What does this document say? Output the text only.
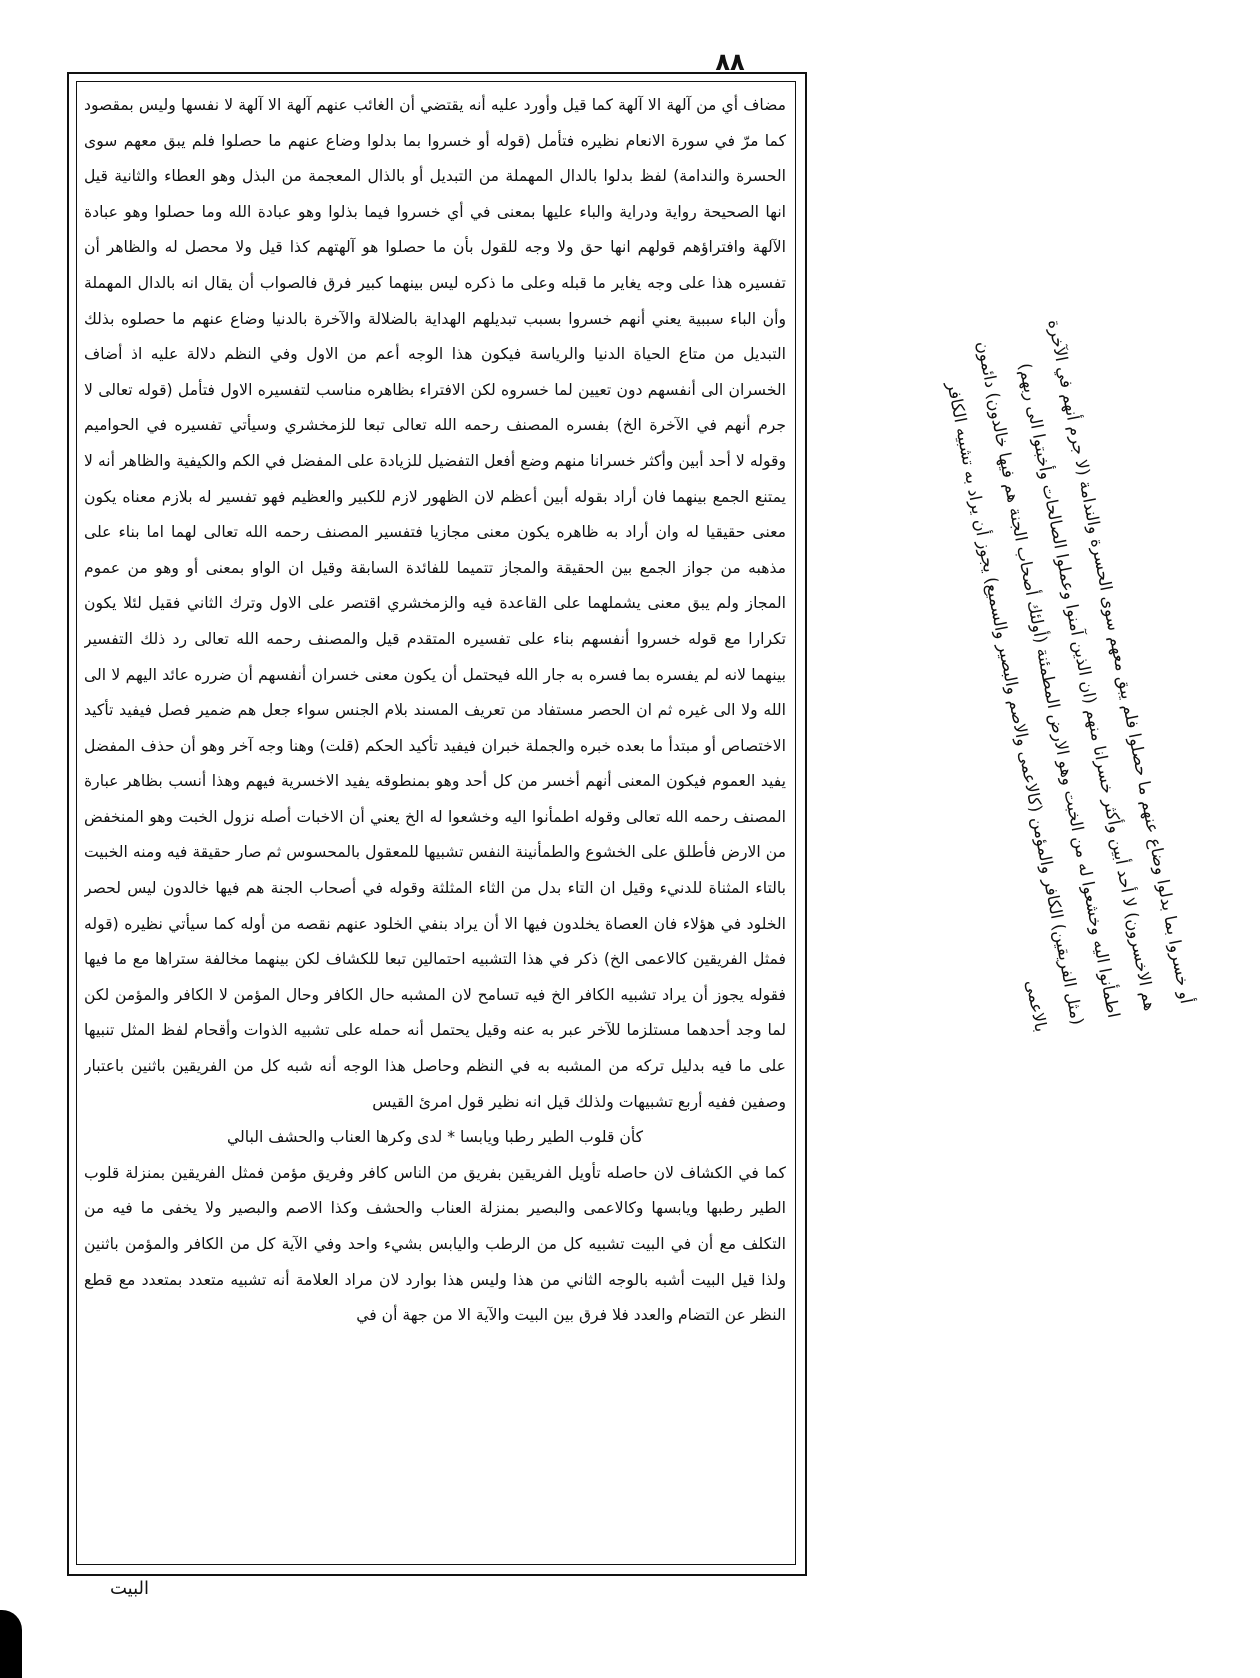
٨٨

مضاف أي من آلهة الا آلهة كما قيل وأورد عليه أنه يقتضي أن الغائب عنهم آلهة الا آلهة لا نفسها وليس بمقصود كما مرّ في سورة الانعام نظيره فتأمل (قوله أو خسروا بما بدلوا وضاع عنهم ما حصلوا فلم يبق معهم سوى الحسرة والندامة) لفظ بدلوا بالدال المهملة من التبديل أو بالذال المعجمة من البذل وهو العطاء والثانية قيل انها الصحيحة رواية ودراية والباء عليها بمعنى في أي خسروا فيما بذلوا وهو عبادة الله وما حصلوا وهو عبادة الآلهة وافتراؤهم قولهم انها حق ولا وجه للقول بأن ما حصلوا هو آلهتهم كذا قيل ولا محصل له والظاهر أن تفسيره هذا على وجه يغاير ما قبله وعلى ما ذكره ليس بينهما كبير فرق فالصواب أن يقال انه بالدال المهملة وأن الباء سببية يعني أنهم خسروا بسبب تبديلهم الهداية بالضلالة والآخرة بالدنيا وضاع عنهم ما حصلوه بذلك التبديل من متاع الحياة الدنيا والرياسة فيكون هذا الوجه أعم من الاول وفي النظم دلالة عليه اذ أضاف الخسران الى أنفسهم دون تعيين لما خسروه لكن الافتراء بظاهره مناسب لتفسيره الاول فتأمل (قوله تعالى لا جرم أنهم في الآخرة الخ) بفسره المصنف رحمه الله تعالى تبعا للزمخشري وسيأتي تفسيره في الحواميم وقوله لا أحد أبين وأكثر خسرانا منهم وضع أفعل التفضيل للزيادة على المفضل في الكم والكيفية والظاهر أنه لا يمتنع الجمع بينهما فان أراد بقوله أبين أعظم لان الظهور لازم للكبير والعظيم فهو تفسير له بلازم معناه يكون معنى حقيقيا له وان أراد به ظاهره يكون معنى مجازيا فتفسير المصنف رحمه الله تعالى لهما اما بناء على مذهبه من جواز الجمع بين الحقيقة والمجاز تتميما للفائدة السابقة وقيل ان الواو بمعنى أو وهو من عموم المجاز ولم يبق معنى يشملهما على القاعدة فيه والزمخشري اقتصر على الاول وترك الثاني فقيل لئلا يكون تكرارا مع قوله خسروا أنفسهم بناء على تفسيره المتقدم قيل والمصنف رحمه الله تعالى رد ذلك التفسير بينهما لانه لم يفسره بما فسره به جار الله فيحتمل أن يكون معنى خسران أنفسهم أن ضرره عائد اليهم لا الى الله ولا الى غيره ثم ان الحصر مستفاد من تعريف المسند بلام الجنس سواء جعل هم ضمير فصل فيفيد تأكيد الاختصاص أو مبتدأ ما بعده خبره والجملة خبران فيفيد تأكيد الحكم (قلت) وهنا وجه آخر وهو أن حذف المفضل يفيد العموم فيكون المعنى أنهم أخسر من كل أحد وهو بمنطوقه يفيد الاخسرية فيهم وهذا أنسب بظاهر عبارة المصنف رحمه الله تعالى وقوله اطمأنوا اليه وخشعوا له الخ يعني أن الاخبات أصله نزول الخبت وهو المنخفض من الارض فأطلق على الخشوع والطمأنينة النفس تشبيها للمعقول بالمحسوس ثم صار حقيقة فيه ومنه الخبيت بالتاء المثناة للدنيء وقيل ان التاء بدل من الثاء المثلثة وقوله في أصحاب الجنة هم فيها خالدون ليس لحصر الخلود في هؤلاء فان العصاة يخلدون فيها الا أن يراد بنفي الخلود عنهم نقصه من أوله كما سيأتي نظيره (قوله فمثل الفريقين كالاعمى الخ) ذكر في هذا التشبيه احتمالين تبعا للكشاف لكن بينهما مخالفة ستراها مع ما فيها فقوله يجوز أن يراد تشبيه الكافر الخ فيه تسامح لان المشبه حال الكافر وحال المؤمن لا الكافر والمؤمن لكن لما وجد أحدهما مستلزما للآخر عبر به عنه وقيل يحتمل أنه حمله على تشبيه الذوات وأقحام لفظ المثل تنبيها على ما فيه بدليل تركه من المشبه به في النظم وحاصل هذا الوجه أنه شبه كل من الفريقين باثنين باعتبار وصفين ففيه أربع تشبيهات ولذلك قيل انه نظير قول امرئ القيس

كأن قلوب الطير رطبا ويابسا * لدى وكرها العناب والحشف البالي

كما في الكشاف لان حاصله تأويل الفريقين بفريق من الناس كافر وفريق مؤمن فمثل الفريقين بمنزلة قلوب الطير رطبها ويابسها وكالاعمى والبصير بمنزلة العناب والحشف وكذا الاصم والبصير ولا يخفى ما فيه من التكلف مع أن في البيت تشبيه كل من الرطب واليابس بشيء واحد وفي الآية كل من الكافر والمؤمن باثنين ولذا قيل البيت أشبه بالوجه الثاني من هذا وليس هذا بوارد لان مراد العلامة أنه تشبيه متعدد بمتعدد مع قطع النظر عن التضام والعدد فلا فرق بين البيت والآية الا من جهة أن في

أو خسروا بما بدلوا وضاع عنهم ما حصلوا فلم يبق معهم سوى الحسرة والندامة (لا جرم أنهم في الآخرة هم الاخسرون) لا أحد أبين وأكثر خسرانا منهم (ان الذين آمنوا وعملوا الصالحات وأخبتوا الى ربهم) اطمأنوا اليه وخشعوا له من الخبت وهو الارض المطمئنة (أولئك أصحاب الجنة هم فيها خالدون) دائمون (مثل الفريقين) الكافر والمؤمن (كالاعمى والاصم والبصير والسميع) يجوز أن يراد به تشبيه الكافر بالاعمى

البيت
